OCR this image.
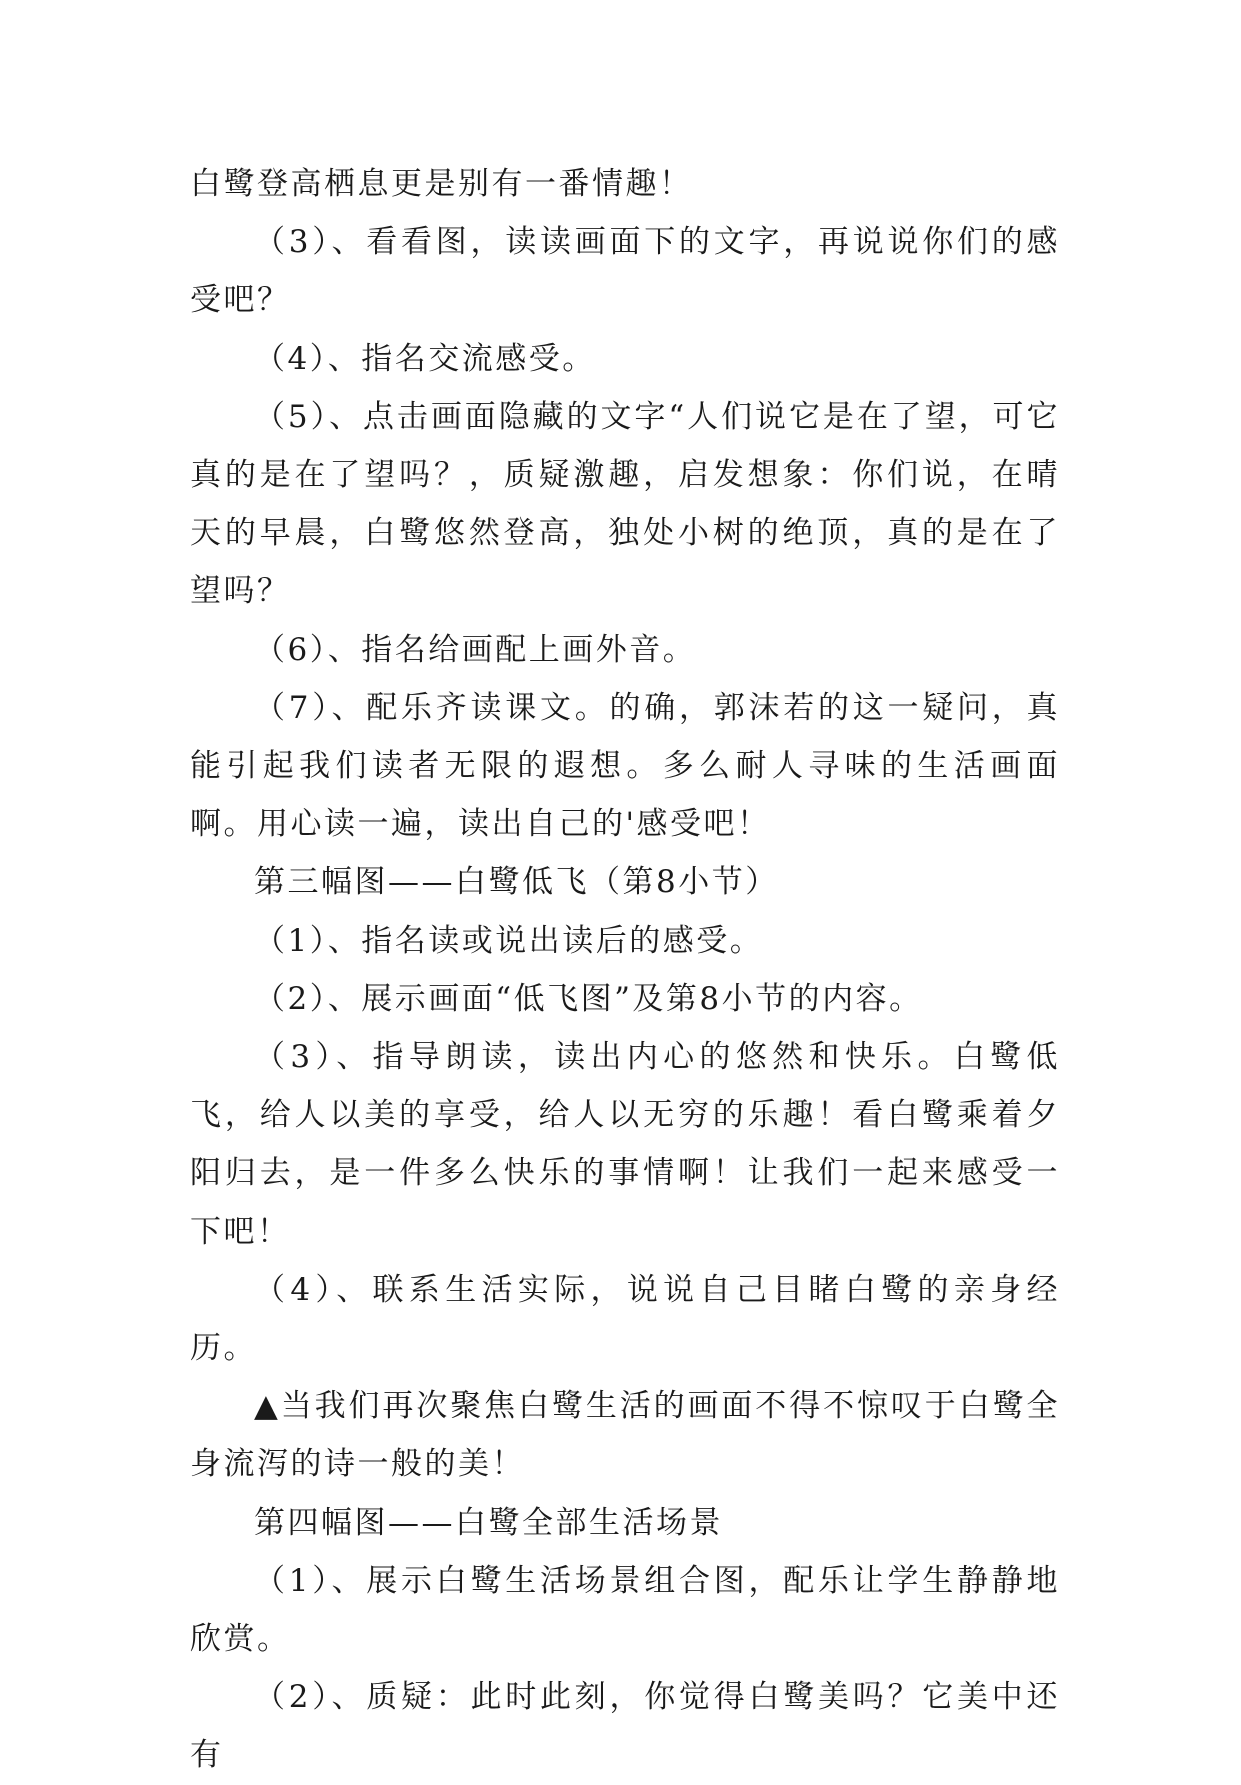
白鹭登高栖息更是别有一番情趣！

（3）、看看图，读读画面下的文字，再说说你们的感受吧？

（4）、指名交流感受。

（5）、点击画面隐藏的文字“人们说它是在了望，可它真的是在了望吗？，质疑激趣，启发想象：你们说，在晴天的早晨，白鹭悠然登高，独处小树的绝顶，真的是在了望吗？

（6）、指名给画配上画外音。

（7）、配乐齐读课文。的确，郭沫若的这一疑问，真能引起我们读者无限的遐想。多么耐人寻味的生活画面啊。用心读一遍，读出自己的'感受吧！

第三幅图——白鹭低飞（第8小节）

（1）、指名读或说出读后的感受。

（2）、展示画面“低飞图”及第8小节的内容。

（3）、指导朗读，读出内心的悠然和快乐。白鹭低飞，给人以美的享受，给人以无穷的乐趣！看白鹭乘着夕阳归去，是一件多么快乐的事情啊！让我们一起来感受一下吧！

（4）、联系生活实际，说说自己目睹白鹭的亲身经历。

▲当我们再次聚焦白鹭生活的画面不得不惊叹于白鹭全身流泻的诗一般的美！

第四幅图——白鹭全部生活场景

（1）、展示白鹭生活场景组合图，配乐让学生静静地欣赏。

（2）、质疑：此时此刻，你觉得白鹭美吗？它美中还有
